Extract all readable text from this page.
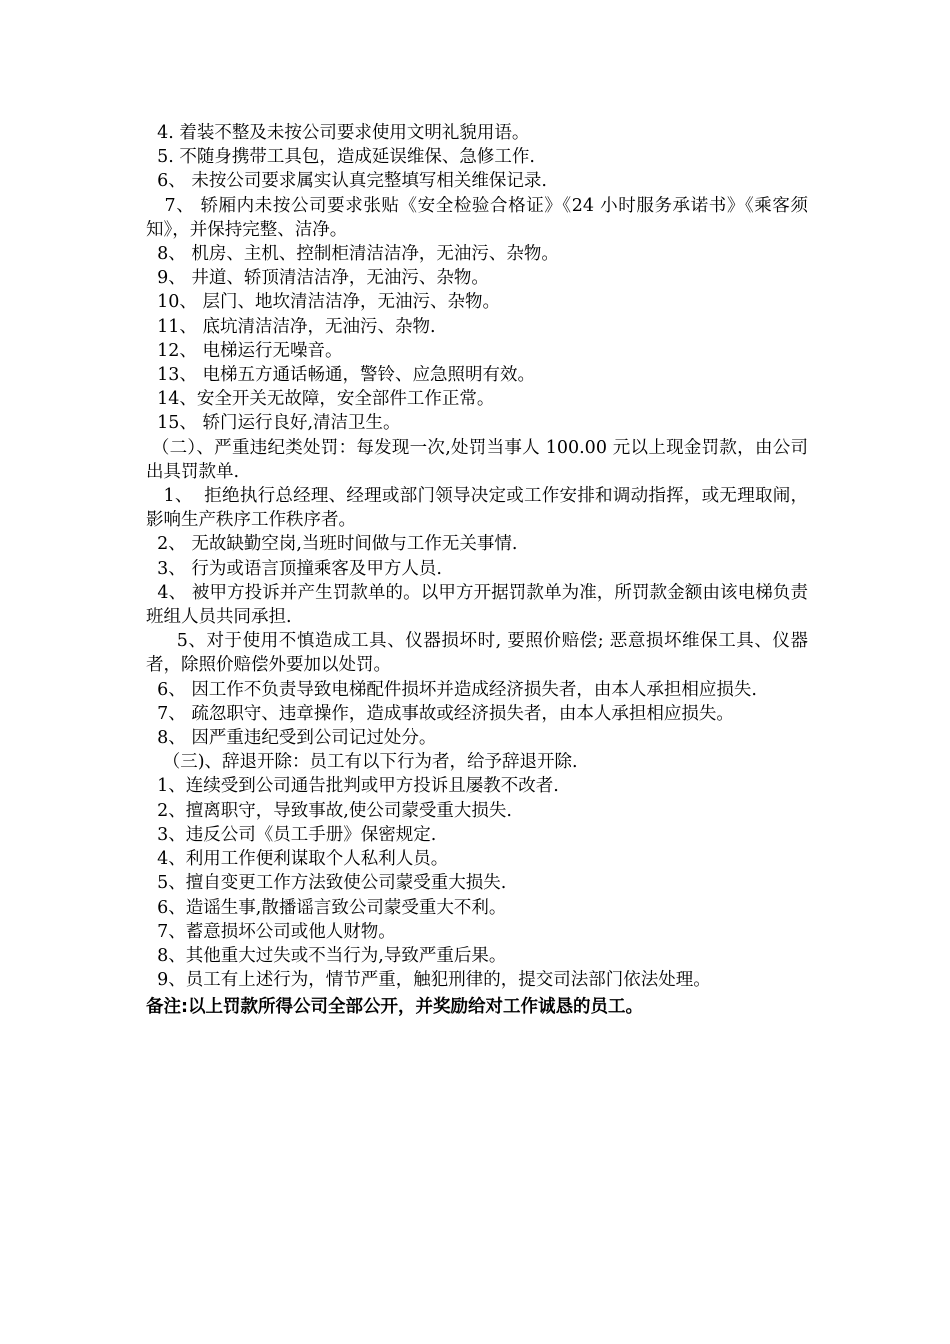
4. 着装不整及未按公司要求使用文明礼貌用语。

5. 不随身携带工具包，造成延误维保、急修工作.

6、 未按公司要求属实认真完整填写相关维保记录.

7、 轿厢内未按公司要求张贴《安全检验合格证》《24 小时服务承诺书》《乘客须知》，并保持完整、洁净。

8、 机房、主机、控制柜清洁洁净，无油污、杂物。

9、 井道、轿顶清洁洁净，无油污、杂物。

10、 层门、地坎清洁洁净，无油污、杂物。

11、 底坑清洁洁净，无油污、杂物.

12、 电梯运行无噪音。

13、 电梯五方通话畅通，警铃、应急照明有效。

14、安全开关无故障，安全部件工作正常。

15、 轿门运行良好,清洁卫生。

（二）、严重违纪类处罚：每发现一次,处罚当事人 100.00 元以上现金罚款，由公司出具罚款单.

1、  拒绝执行总经理、经理或部门领导决定或工作安排和调动指挥，或无理取闹，影响生产秩序工作秩序者。

2、 无故缺勤空岗,当班时间做与工作无关事情.

3、 行为或语言顶撞乘客及甲方人员.

4、 被甲方投诉并产生罚款单的。以甲方开据罚款单为准，所罚款金额由该电梯负责班组人员共同承担.

5、对于使用不慎造成工具、仪器损坏时, 要照价赔偿; 恶意损坏维保工具、仪器者，除照价赔偿外要加以处罚。

6、 因工作不负责导致电梯配件损坏并造成经济损失者，由本人承担相应损失.

7、 疏忽职守、违章操作，造成事故或经济损失者，由本人承担相应损失。

8、 因严重违纪受到公司记过处分。

（三)、辞退开除：员工有以下行为者，给予辞退开除.

1、连续受到公司通告批判或甲方投诉且屡教不改者.

2、擅离职守，导致事故,使公司蒙受重大损失.

3、违反公司《员工手册》保密规定.

4、利用工作便利谋取个人私利人员。

5、擅自变更工作方法致使公司蒙受重大损失.

6、造谣生事,散播谣言致公司蒙受重大不利。

7、蓄意损坏公司或他人财物。

8、其他重大过失或不当行为,导致严重后果。

9、员工有上述行为，情节严重，触犯刑律的，提交司法部门依法处理。

备注:以上罚款所得公司全部公开，并奖励给对工作诚恳的员工。
